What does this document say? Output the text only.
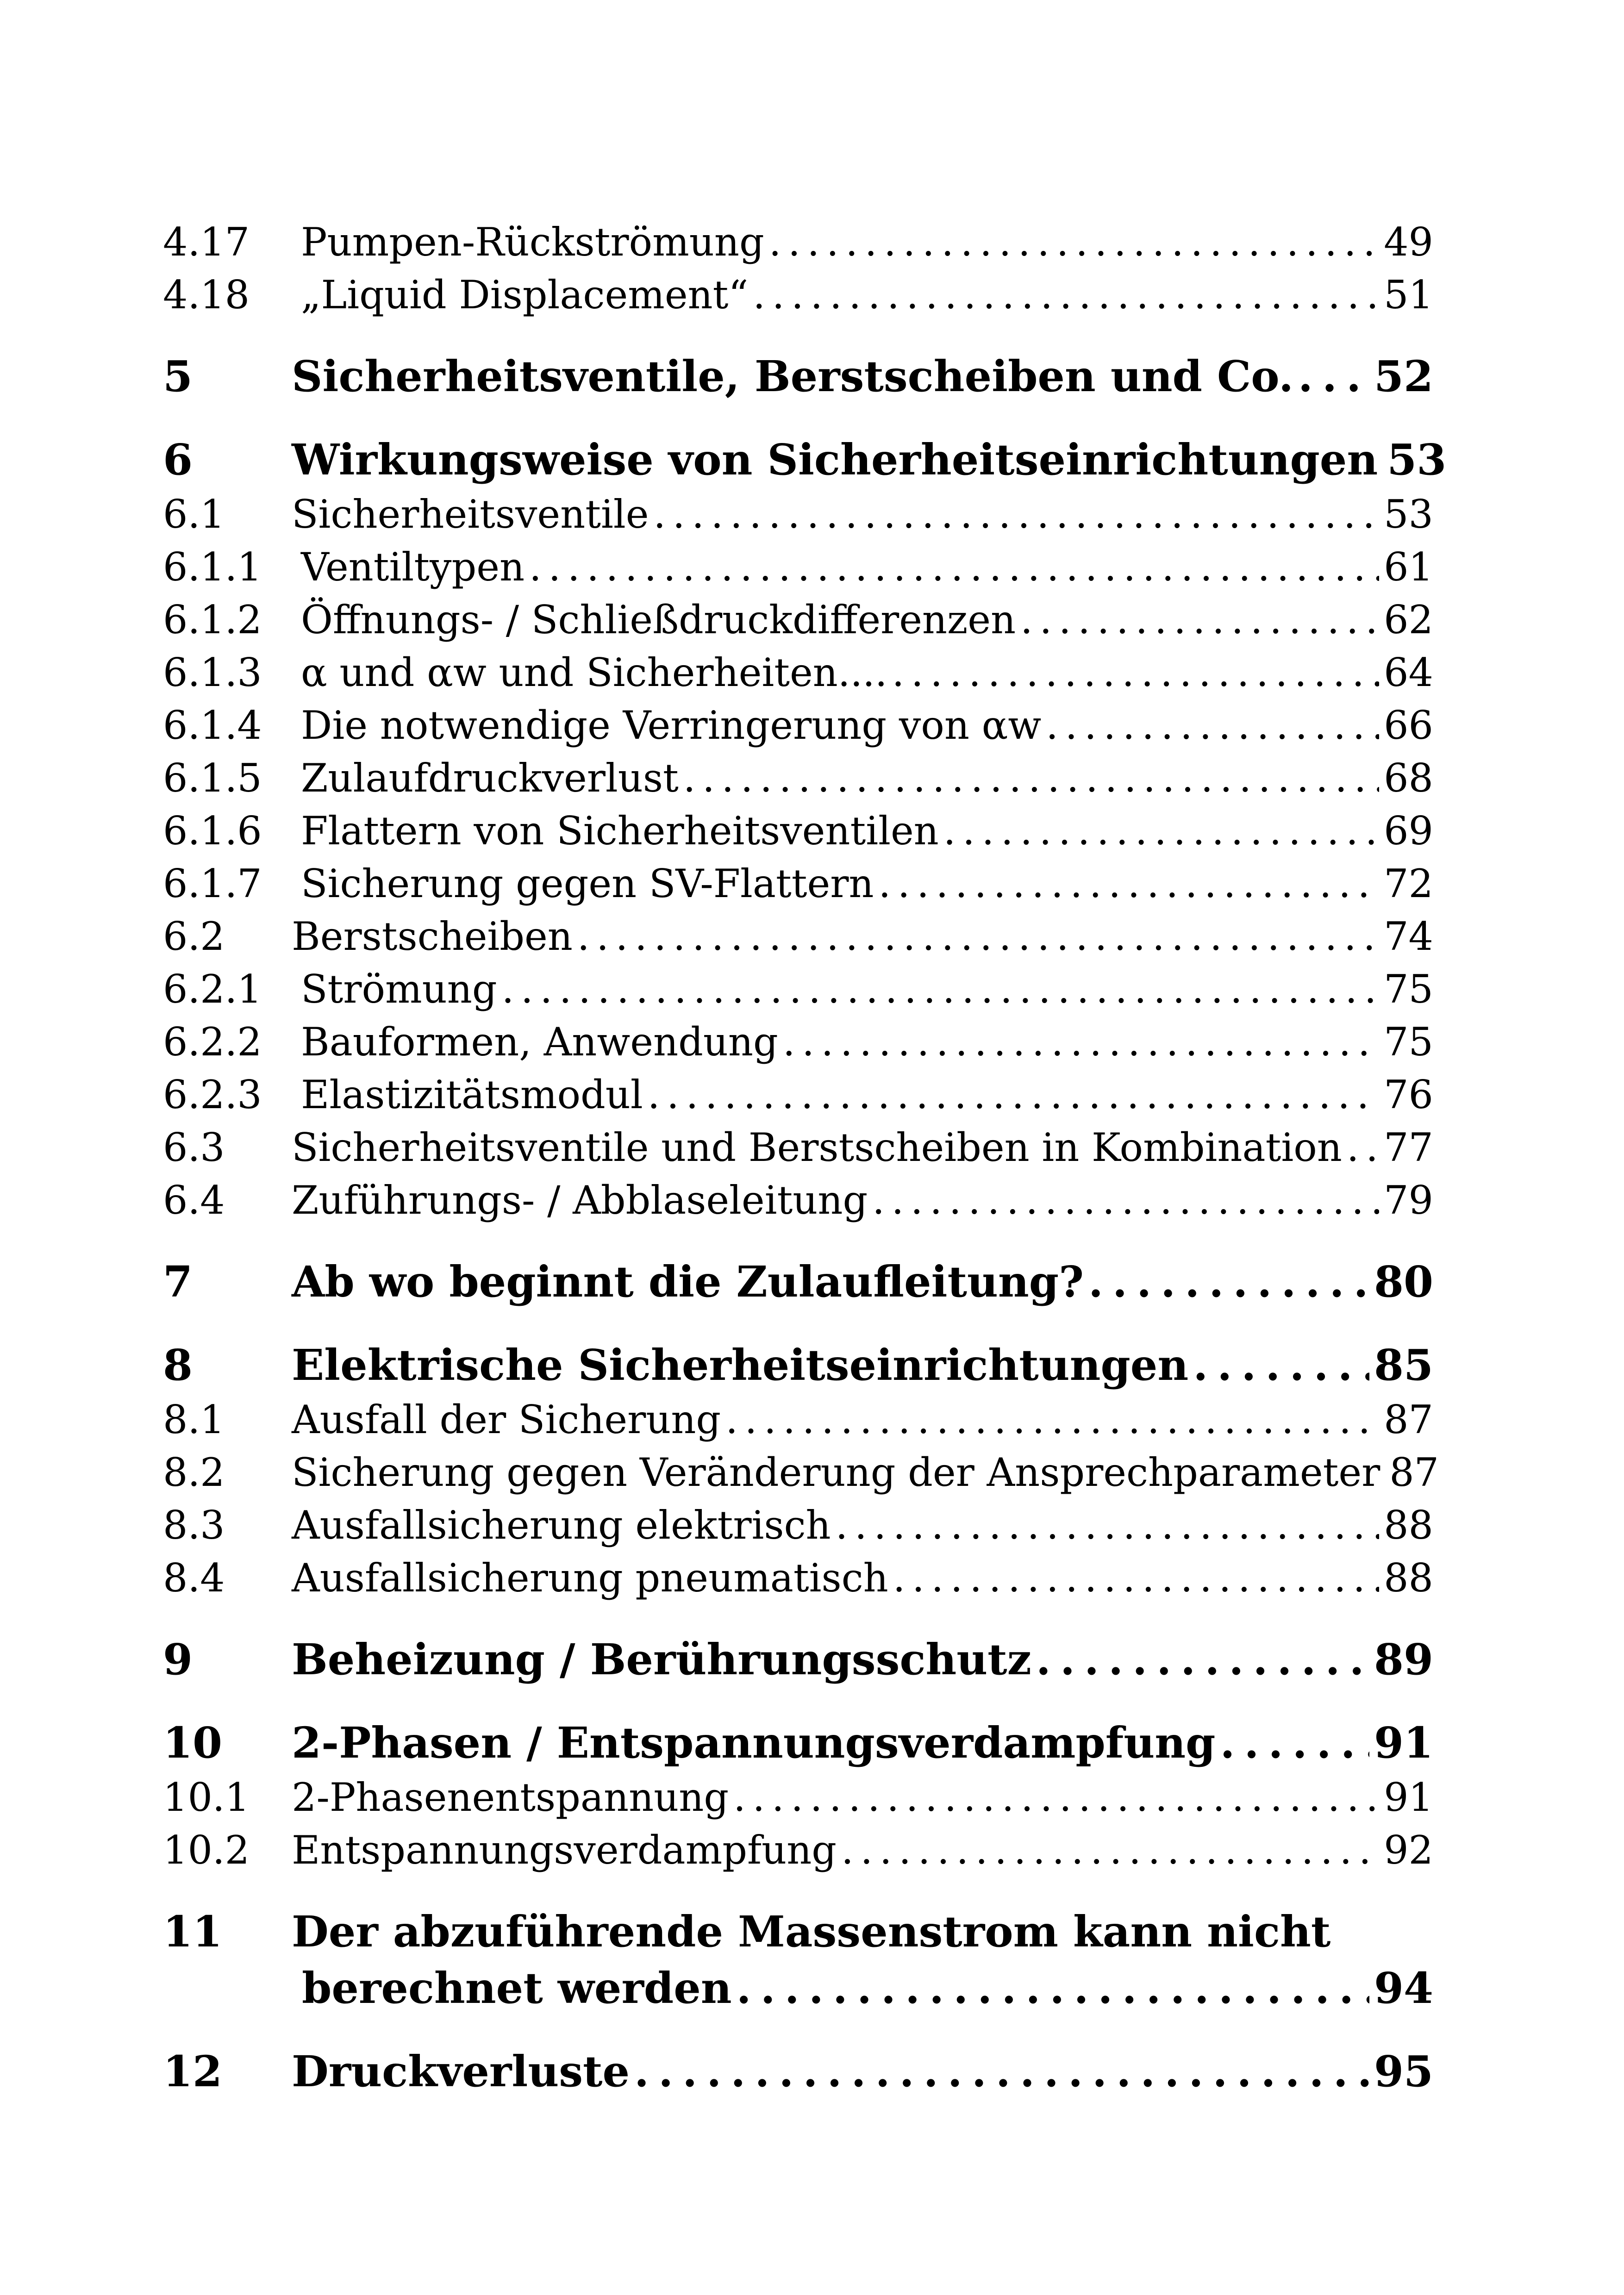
4.17	Pumpen-Rückströmung . . .	49
4.18	„Liquid Displacement“ . . .	51
5	Sicherheitsventile, Berstscheiben und Co. . . . 52
6	Wirkungsweise von Sicherheitseinrichtungen 53
6.1	Sicherheitsventile . . .	53
6.1.1	Ventiltypen . . .	61
6.1.2	Öffnungs- / Schließdruckdifferenzen . . .	62
6.1.3	α und αw und Sicherheiten.... . . .	64
6.1.4	Die notwendige Verringerung von αw . . .	66
6.1.5	Zulaufdruckverlust . . .	68
6.1.6	Flattern von Sicherheitsventilen . . .	69
6.1.7	Sicherung gegen SV-Flattern . . .	72
6.2	Berstscheiben . . .	74
6.2.1	Strömung . . .	75
6.2.2	Bauformen, Anwendung . . .	75
6.2.3	Elastizitätsmodul . . .	76
6.3	Sicherheitsventile und Berstscheiben in Kombination . . . 77
6.4	Zuführungs- / Abblaseleitung . . .	79
7	Ab wo beginnt die Zulaufleitung? . . .	80
8	Elektrische Sicherheitseinrichtungen . . .	85
8.1	Ausfall der Sicherung . . .	87
8.2	Sicherung gegen Veränderung der Ansprechparameter 87
8.3	Ausfallsicherung elektrisch . . .	88
8.4	Ausfallsicherung pneumatisch . . .	88
9	Beheizung / Berührungsschutz . . .	89
10	2-Phasen / Entspannungsverdampfung . . .	91
10.1	2-Phasenentspannung . . .	91
10.2	Entspannungsverdampfung . . .	92
11	Der abzuführende Massenstrom kann nicht
berechnet werden . . .	94
12	Druckverluste . . .	95
